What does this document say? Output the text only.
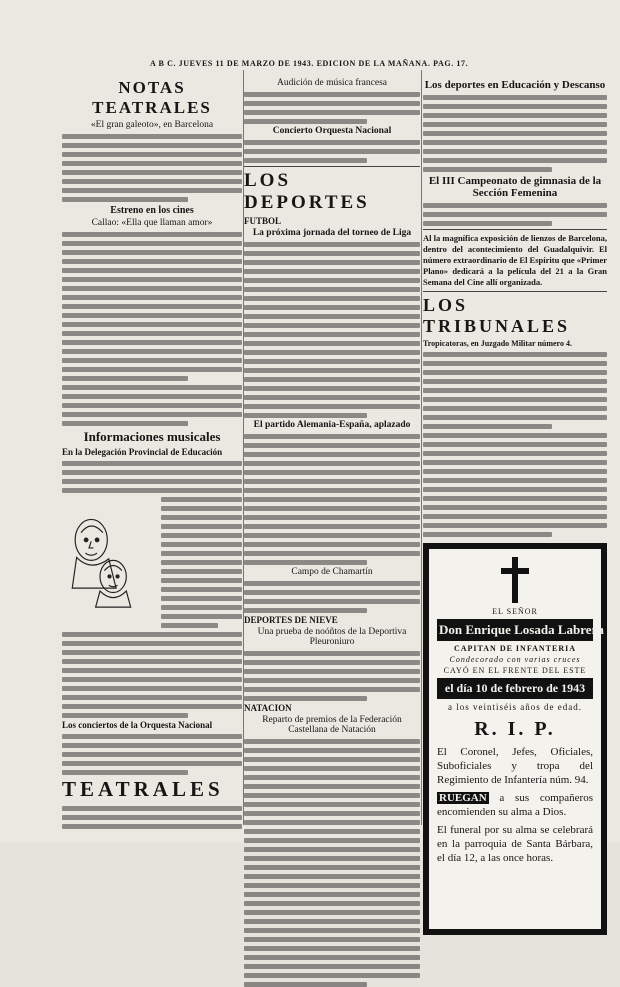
A B C. JUEVES 11 DE MARZO DE 1943. EDICION DE LA MAÑANA. PAG. 17.
NOTAS TEATRALES
«El gran galeoto», en Barcelona
Estreno en los cines
Callao: «Ella que llaman amor»
Informaciones musicales
En la Delegación Provincial de Educación
Los conciertos de la Orquesta Nacional
TEATRALES
Audición de música francesa
Concierto Orquesta Nacional
LOS DEPORTES
FUTBOL
La próxima jornada del torneo de Liga
El partido Alemania-España, aplazado
Campo de Chamartín
DEPORTES DE NIEVE
Una prueba de noóñtos de la Deportiva Pleuroniuro
NATACION
Reparto de premios de la Federación Castellana de Natación
Los deportes en Educación y Descanso
El III Campeonato de gimnasia de la Sección Femenina
Al la magnífica exposición de lienzos de Barcelona, dentro del acontecimiento del Guadalquivir. El número extraordinario de El Espíritu que «Primer Plano» dedicará a la película del 21 a la Gran Semana del Cine allí organizada.
LOS TRIBUNALES
Tropicatoras, en Juzgado Militar número 4.
EL SEÑOR
Don Enrique Losada Labrera
CAPITAN DE INFANTERIA
Condecorado con varias cruces
CAYÓ EN EL FRENTE DEL ESTE
el día 10 de febrero de 1943
a los veintiséis años de edad.
R. I. P.
El Coronel, Jefes, Oficiales, Suboficiales y tropa del Regimiento de Infantería núm. 94.
RUEGAN a sus compañeros encomienden su alma a Dios.
El funeral por su alma se celebrará en la parroquia de Santa Bárbara, el día 12, a las once horas.
